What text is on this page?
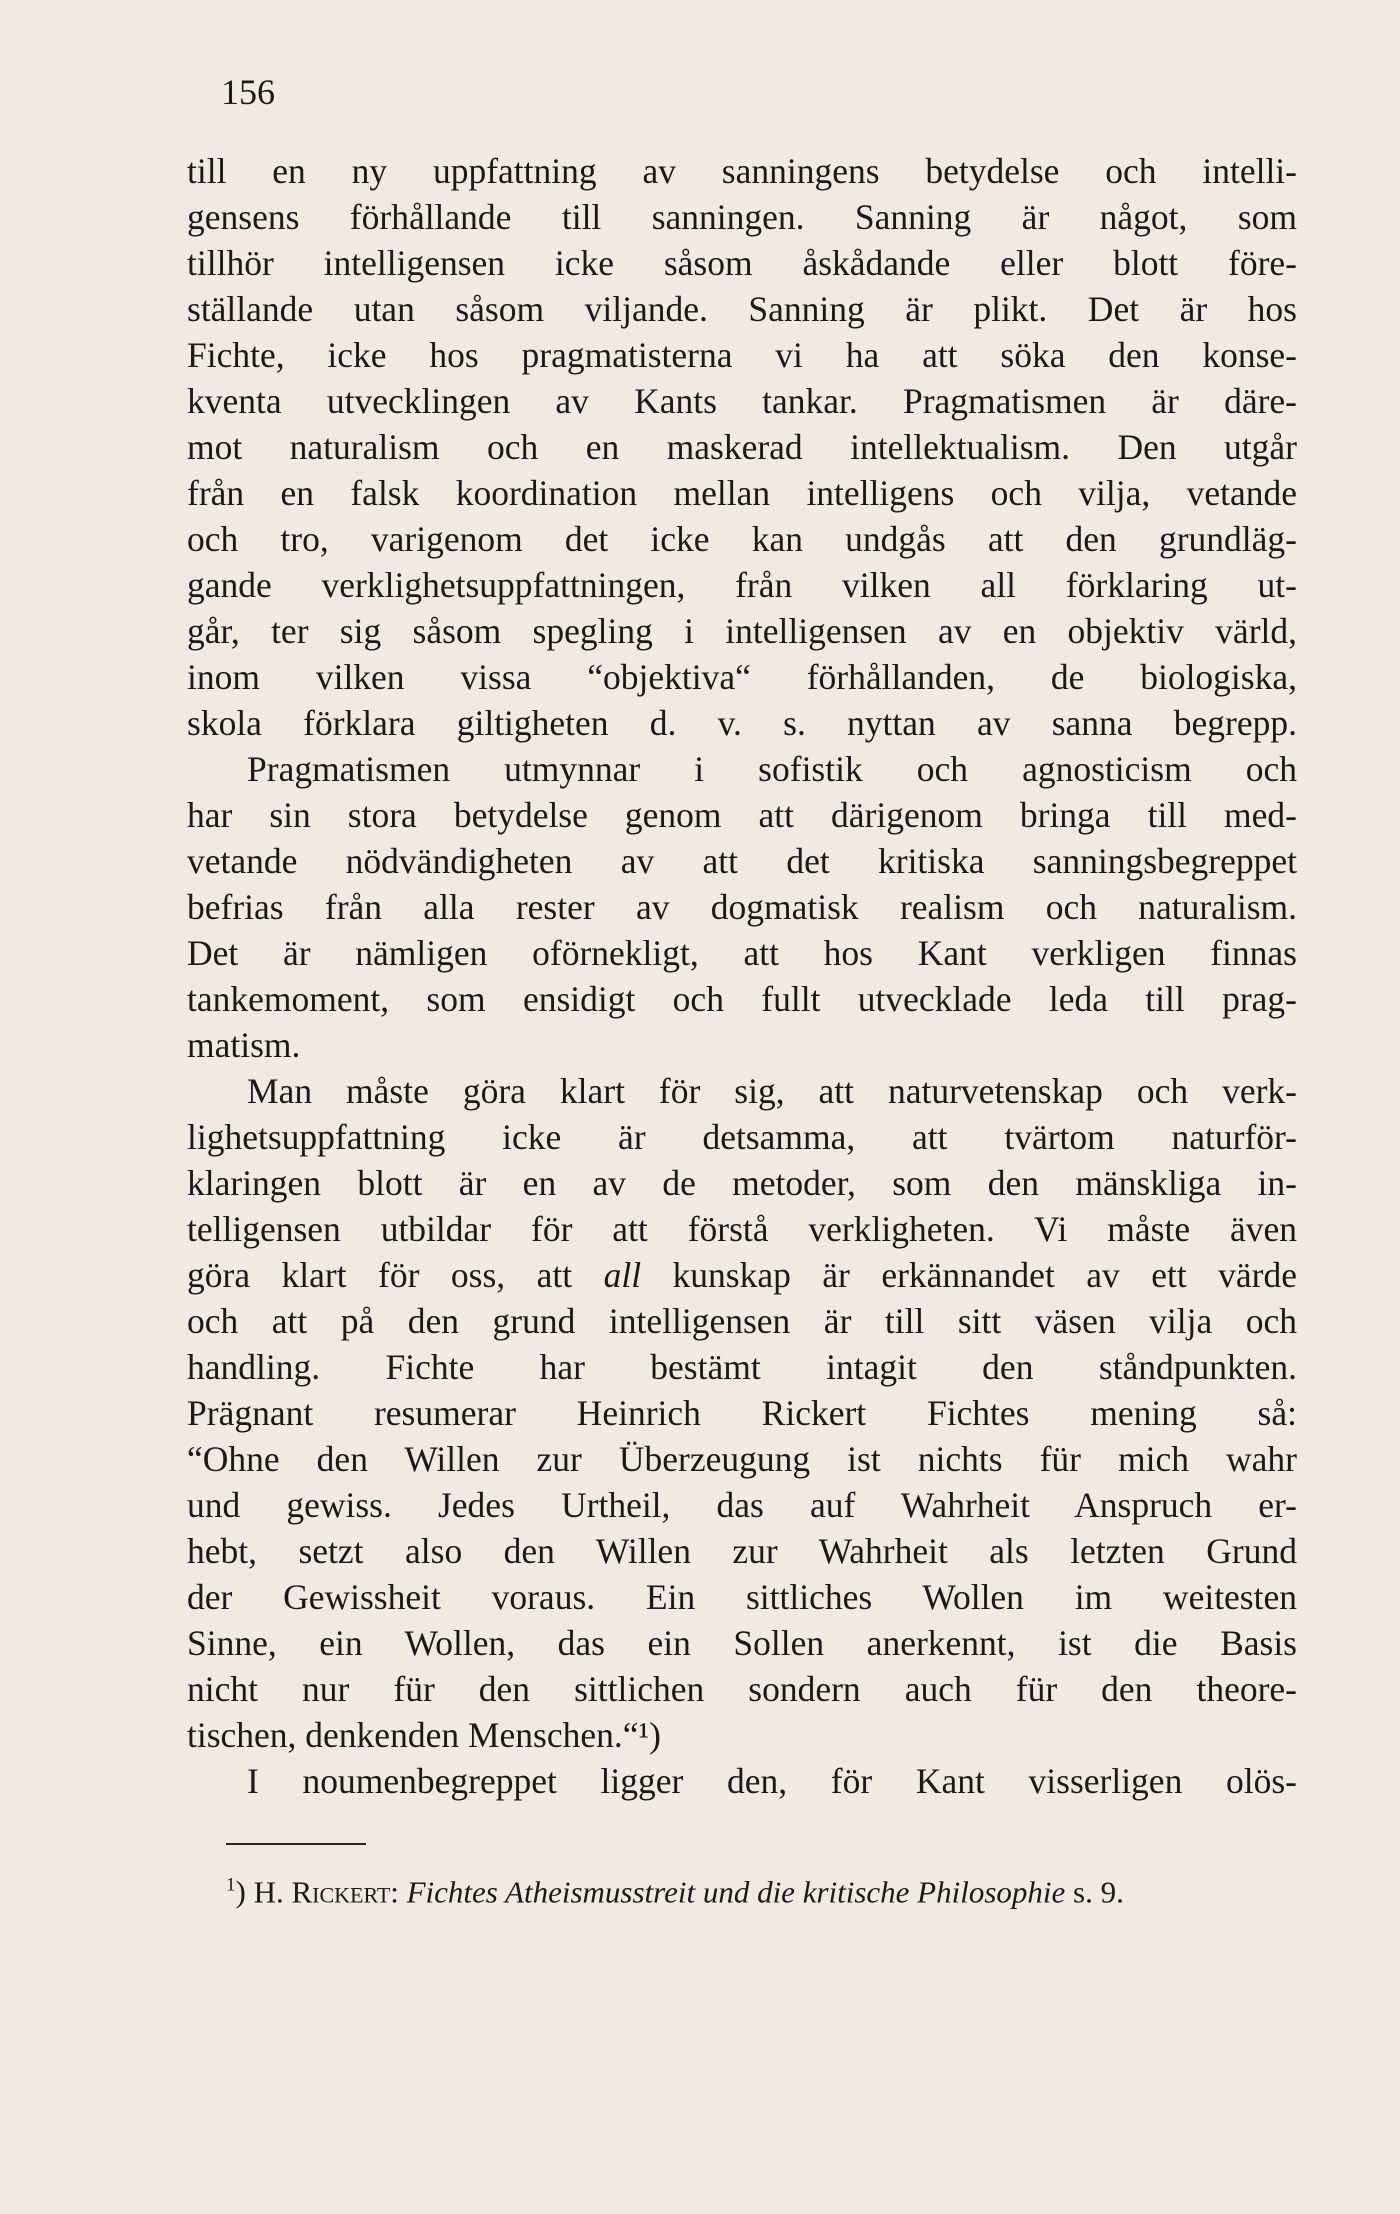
156
till en ny uppfattning av sanningens betydelse och intelli-
gensens förhållande till sanningen. Sanning är något, som
tillhör intelligensen icke såsom åskådande eller blott före-
ställande utan såsom viljande. Sanning är plikt. Det är hos
Fichte, icke hos pragmatisterna vi ha att söka den konse-
kventa utvecklingen av Kants tankar. Pragmatismen är däre-
mot naturalism och en maskerad intellektualism. Den utgår
från en falsk koordination mellan intelligens och vilja, vetande
och tro, varigenom det icke kan undgås att den grundläg-
gande verklighetsuppfattningen, från vilken all förklaring ut-
går, ter sig såsom spegling i intelligensen av en objektiv värld,
inom vilken vissa “objektiva“ förhållanden, de biologiska,
skola förklara giltigheten d. v. s. nyttan av sanna begrepp.
Pragmatismen utmynnar i sofistik och agnosticism och
har sin stora betydelse genom att därigenom bringa till med-
vetande nödvändigheten av att det kritiska sanningsbegreppet
befrias från alla rester av dogmatisk realism och naturalism.
Det är nämligen oförnekligt, att hos Kant verkligen finnas
tankemoment, som ensidigt och fullt utvecklade leda till prag-
matism.
Man måste göra klart för sig, att naturvetenskap och verk-
lighetsuppfattning icke är detsamma, att tvärtom naturför-
klaringen blott är en av de metoder, som den mänskliga in-
telligensen utbildar för att förstå verkligheten. Vi måste även
göra klart för oss, att all kunskap är erkännandet av ett värde
och att på den grund intelligensen är till sitt väsen vilja och
handling. Fichte har bestämt intagit den ståndpunkten.
Prägnant resumerar Heinrich Rickert Fichtes mening så:
“Ohne den Willen zur Überzeugung ist nichts für mich wahr
und gewiss. Jedes Urtheil, das auf Wahrheit Anspruch er-
hebt, setzt also den Willen zur Wahrheit als letzten Grund
der Gewissheit voraus. Ein sittliches Wollen im weitesten
Sinne, ein Wollen, das ein Sollen anerkennt, ist die Basis
nicht nur für den sittlichen sondern auch für den theore-
tischen, denkenden Menschen.“¹)
I noumenbegreppet ligger den, för Kant visserligen olös-
$^1$) H. Rickert: Fichtes Atheismusstreit und die kritische Philosophie s. 9.
